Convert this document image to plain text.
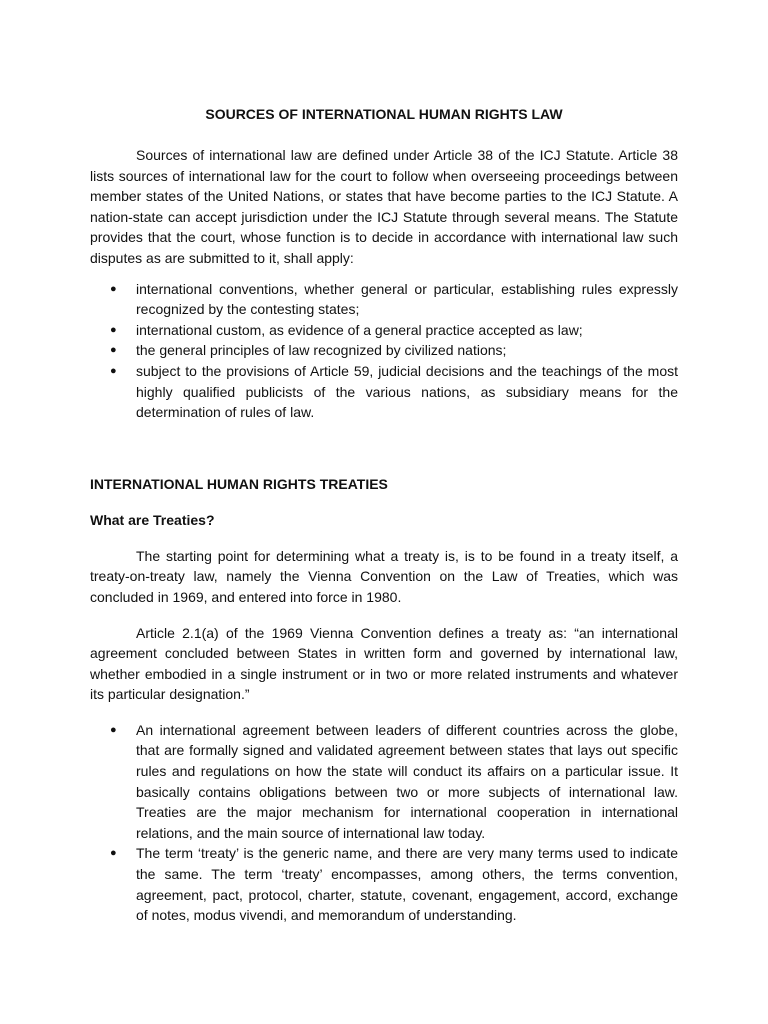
SOURCES OF INTERNATIONAL HUMAN RIGHTS LAW

Sources of international law are defined under Article 38 of the ICJ Statute. Article 38 lists sources of international law for the court to follow when overseeing proceedings between member states of the United Nations, or states that have become parties to the ICJ Statute. A nation-state can accept jurisdiction under the ICJ Statute through several means. The Statute provides that the court, whose function is to decide in accordance with international law such disputes as are submitted to it, shall apply:

● international conventions, whether general or particular, establishing rules expressly recognized by the contesting states;
● international custom, as evidence of a general practice accepted as law;
● the general principles of law recognized by civilized nations;
● subject to the provisions of Article 59, judicial decisions and the teachings of the most highly qualified publicists of the various nations, as subsidiary means for the determination of rules of law.
INTERNATIONAL HUMAN RIGHTS TREATIES
What are Treaties?

The starting point for determining what a treaty is, is to be found in a treaty itself, a treaty-on-treaty law, namely the Vienna Convention on the Law of Treaties, which was concluded in 1969, and entered into force in 1980.

Article 2.1(a) of the 1969 Vienna Convention defines a treaty as: “an international agreement concluded between States in written form and governed by international law, whether embodied in a single instrument or in two or more related instruments and whatever its particular designation.”

● An international agreement between leaders of different countries across the globe, that are formally signed and validated agreement between states that lays out specific rules and regulations on how the state will conduct its affairs on a particular issue. It basically contains obligations between two or more subjects of international law. Treaties are the major mechanism for international cooperation in international relations, and the main source of international law today.
● The term ‘treaty’ is the generic name, and there are very many terms used to indicate the same. The term ‘treaty’ encompasses, among others, the terms convention, agreement, pact, protocol, charter, statute, covenant, engagement, accord, exchange of notes, modus vivendi, and memorandum of understanding.
